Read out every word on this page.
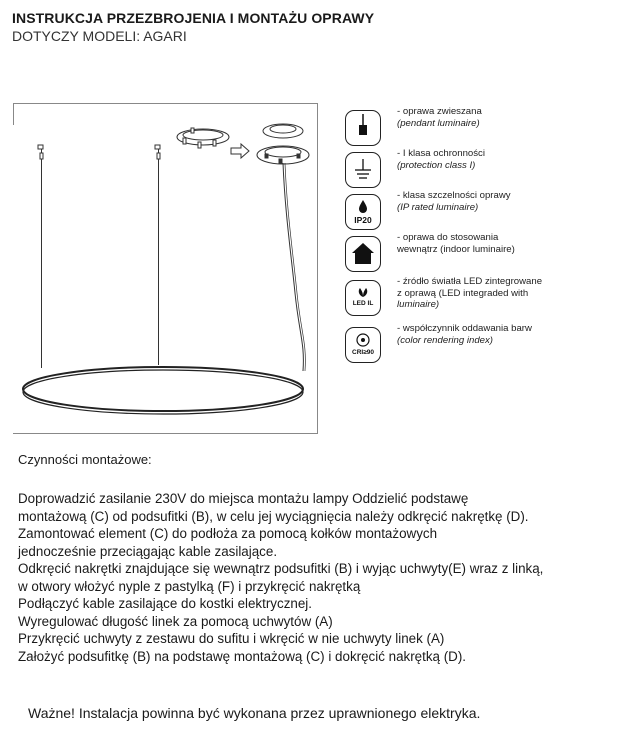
INSTRUKCJA PRZEZBROJENIA I MONTAŻU OPRAWY
DOTYCZY MODELI: AGARI
- oprawa zwieszana
(pendant luminaire)
- I klasa ochronności
(protection class I)
IP20
- klasa szczelności oprawy
(IP rated luminaire)
- oprawa do stosowania
wewnątrz (indoor luminaire)
LED IL
- źródło światła LED zintegrowane
z oprawą (LED integraded with
luminaire)
CRI≥90
- współczynnik oddawania barw
(color rendering index)
Czynności montażowe:
Doprowadzić zasilanie 230V do miejsca montażu lampy Oddzielić podstawę
montażową (C) od podsufitki (B), w celu jej wyciągnięcia należy odkręcić nakrętkę (D).
Zamontować element (C) do podłoża za pomocą kołków montażowych
jednocześnie przeciągając kable zasilające.
Odkręcić nakrętki znajdujące się wewnątrz podsufitki (B) i wyjąc uchwyty(E) wraz z linką,
w otwory włożyć nyple z pastylką (F) i przykręcić nakrętką
Podłączyć kable zasilające do kostki elektrycznej.
Wyregulować długość linek za pomocą uchwytów (A)
Przykręcić uchwyty z zestawu do sufitu i wkręcić w nie uchwyty linek (A)
Założyć podsufitkę (B) na podstawę montażową (C) i dokręcić nakrętką (D).
Ważne! Instalacja powinna być wykonana przez uprawnionego elektryka.
